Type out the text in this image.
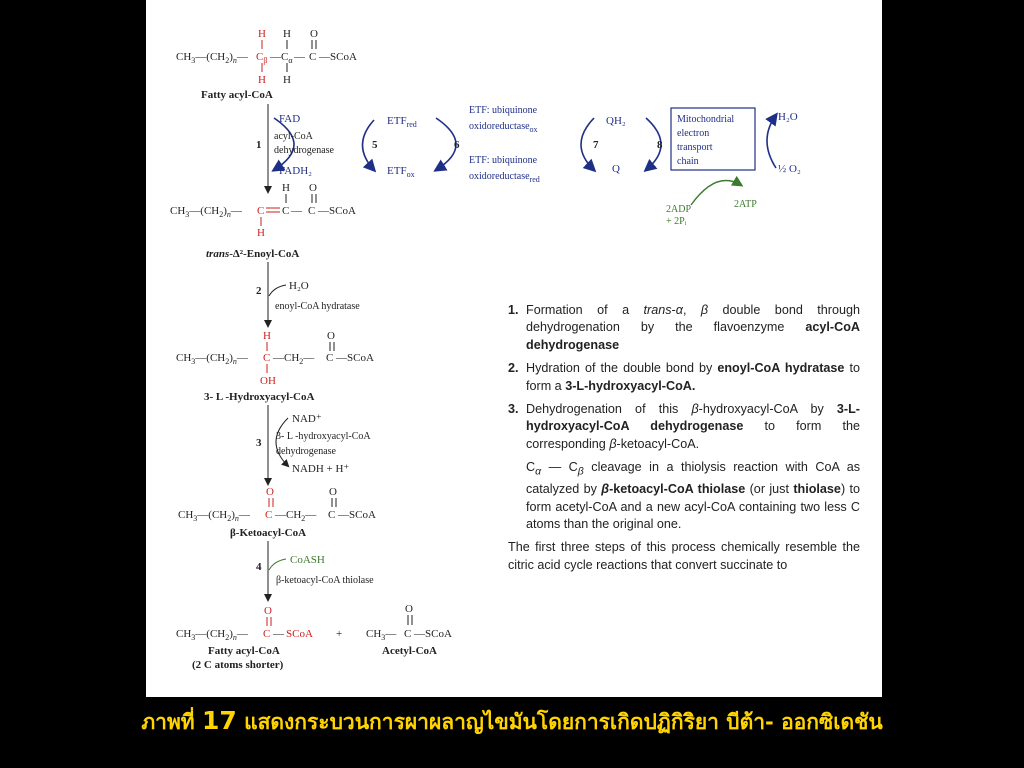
$CH_3—(CH_2)_n—$
H
$C_\beta$
H
—
H
$C_\alpha$
H
—
O
C —SCoA
Fatty acyl-CoA
1
FAD
FADH₂
acyl-CoA
dehydrogenase	5
$ETF_{red}$
$ETF_{ox}$
6
ETF: ubiquinone
oxidoreductase$_{ox}$
ETF: ubiquinone
oxidoreductase$_{red}$
7
QH₂
Q
8
Mitochondrial
electron
transport
chain
H₂O
½ O₂
2ADP
+ 2Pᵢ
2ATP
$CH_3—(CH_2)_n—$ C
H
H
C —
O
C —SCoA
trans-Δ²-Enoyl-CoA
2	H₂O
enoyl-CoA hydratase
$CH_3—(CH_2)_n—$
H
C
OH
$—CH_2—$
O
C —SCoA
3- L -Hydroxyacyl-CoA
3
NAD⁺
3- L -hydroxyacyl-CoA
dehydrogenase
NADH + H⁺
$CH_3—(CH_2)_n—$
O
C $—CH_2—$
O
C —SCoA
β-Ketoacyl-CoA
4
CoASH
β-ketoacyl-CoA thiolase
$CH_3—(CH_2)_n—$
O
C — SCoA + $CH_3—$
O
C —SCoA
Fatty acyl-CoA
(2 C atoms shorter)
Acetyl-CoA
1. Formation of a trans-α, β double bond through dehydrogenation by the flavoenzyme acyl-CoA dehydrogenase
2. Hydration of the double bond by enoyl-CoA hydratase to form a 3-L-hydroxyacyl-CoA.
3. Dehydrogenation of this β-hydroxyacyl-CoA by 3-L-hydroxyacyl-CoA dehydrogenase to form the corresponding β-ketoacyl-CoA.
$C_\alpha$ — $C_\beta$ cleavage in a thiolysis reaction with CoA as catalyzed by β-ketoacyl-CoA thiolase (or just thiolase) to form acetyl-CoA and a new acyl-CoA containing two less C atoms than the original one.
The first three steps of this process chemically resemble the citric acid cycle reactions that convert succinate to
ภาพที่ 17 แสดงกระบวนการผาผลาญไขมันโดยการเกิดปฏิกิริยา บีต้า- ออกซิเดชัน
